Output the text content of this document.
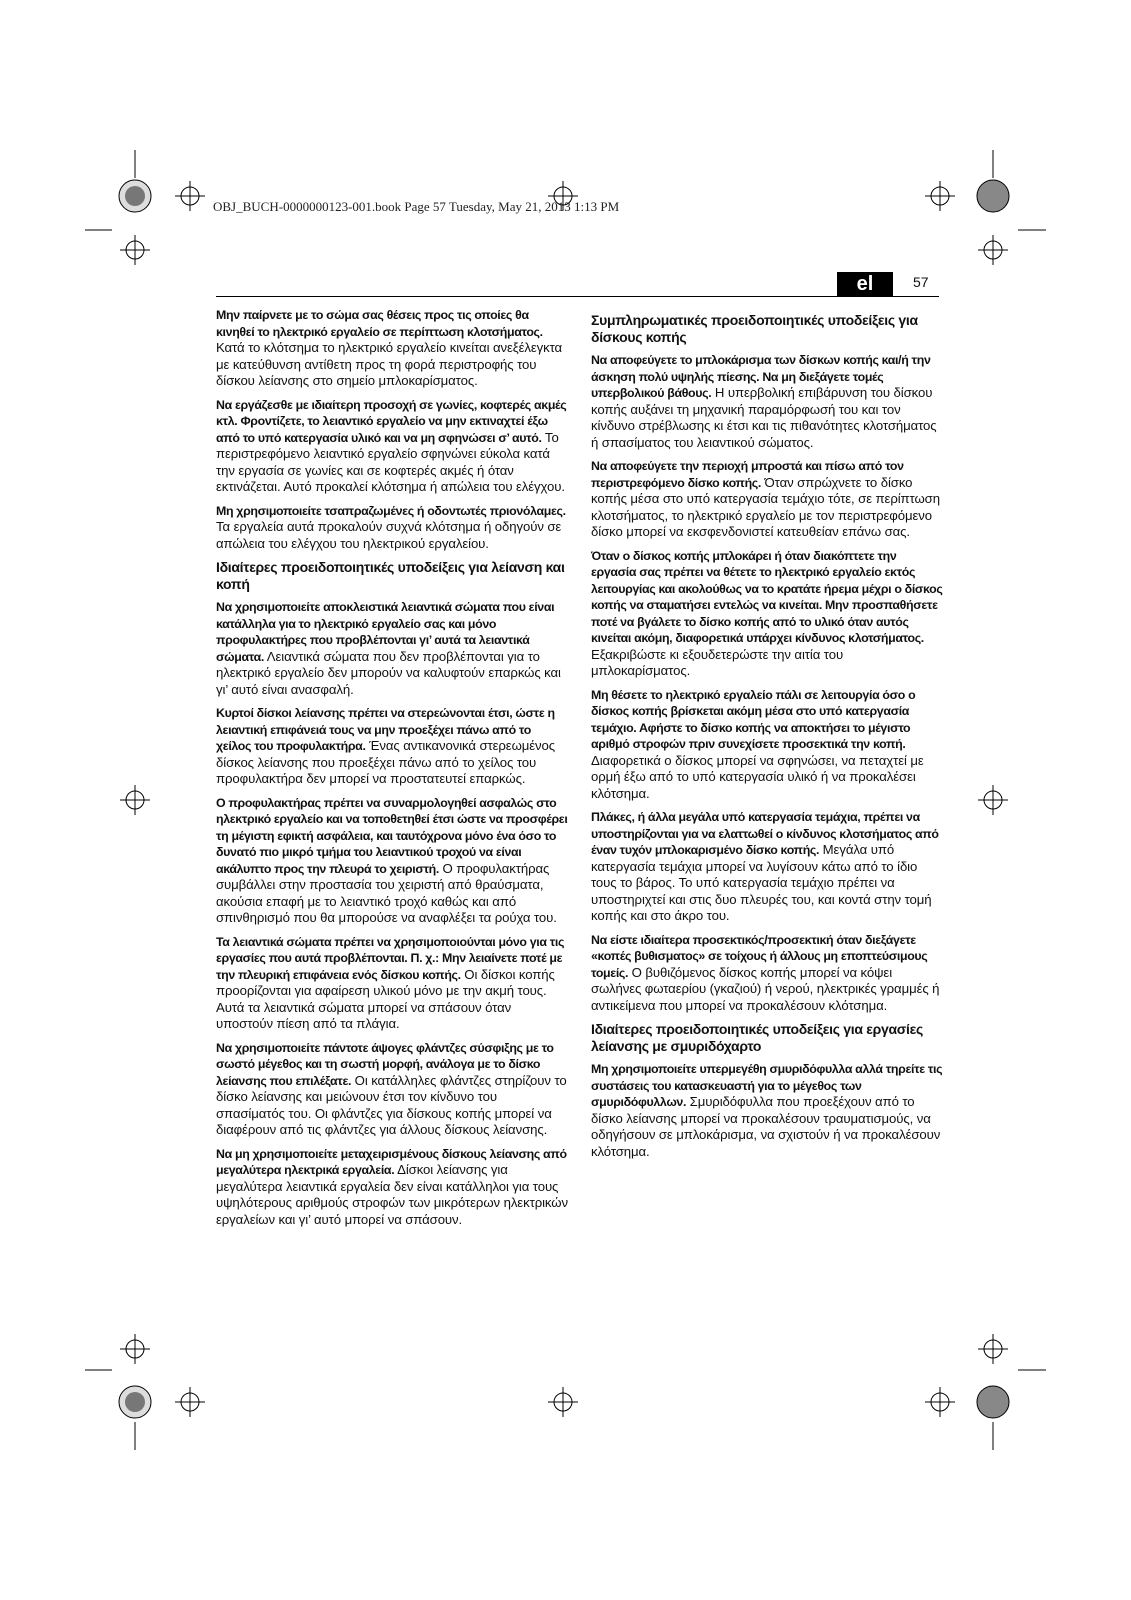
OBJ_BUCH-0000000123-001.book Page 57 Tuesday, May 21, 2013 1:13 PM
el	57

Μην παίρνετε με το σώμα σας θέσεις προς τις οποίες θα κινηθεί το ηλεκτρικό εργαλείο σε περίπτωση κλοτσήματος. Κατά το κλότσημα το ηλεκτρικό εργαλείο κινείται ανεξέλεγκτα με κατεύθυνση αντίθετη προς τη φορά περιστροφής του δίσκου λείανσης στο σημείο μπλοκαρίσματος.

Να εργάζεσθε με ιδιαίτερη προσοχή σε γωνίες, κοφτερές ακμές κτλ. Φροντίζετε, το λειαντικό εργαλείο να μην εκτιναχτεί έξω από το υπό κατεργασία υλικό και να μη σφηνώσει σ’ αυτό. Το περιστρεφόμενο λειαντικό εργαλείο σφηνώνει εύκολα κατά την εργασία σε γωνίες και σε κοφτερές ακμές ή όταν εκτινάζεται. Αυτό προκαλεί κλότσημα ή απώλεια του ελέγχου.

Μη χρησιμοποιείτε τσαπραζωμένες ή οδοντωτές πριονόλαμες. Τα εργαλεία αυτά προκαλούν συχνά κλότσημα ή οδηγούν σε απώλεια του ελέγχου του ηλεκτρικού εργαλείου.

Ιδιαίτερες προειδοποιητικές υποδείξεις για λείανση και κοπή

Να χρησιμοποιείτε αποκλειστικά λειαντικά σώματα που είναι κατάλληλα για το ηλεκτρικό εργαλείο σας και μόνο προφυλακτήρες που προβλέπονται γι’ αυτά τα λειαντικά σώματα. Λειαντικά σώματα που δεν προβλέπονται για το ηλεκτρικό εργαλείο δεν μπορούν να καλυφτούν επαρκώς και γι’ αυτό είναι ανασφαλή.

Κυρτοί δίσκοι λείανσης πρέπει να στερεώνονται έτσι, ώστε η λειαντική επιφάνειά τους να μην προεξέχει πάνω από το χείλος του προφυλακτήρα. Ένας αντικανονικά στερεωμένος δίσκος λείανσης που προεξέχει πάνω από το χείλος του προφυλακτήρα δεν μπορεί να προστατευτεί επαρκώς.

Ο προφυλακτήρας πρέπει να συναρμολογηθεί ασφαλώς στο ηλεκτρικό εργαλείο και να τοποθετηθεί έτσι ώστε να προσφέρει τη μέγιστη εφικτή ασφάλεια, και ταυτόχρονα μόνο ένα όσο το δυνατό πιο μικρό τμήμα του λειαντικού τροχού να είναι ακάλυπτο προς την πλευρά το χειριστή. Ο προφυλακτήρας συμβάλλει στην προστασία του χειριστή από θραύσματα, ακούσια επαφή με το λειαντικό τροχό καθώς και από σπινθηρισμό που θα μπορούσε να αναφλέξει τα ρούχα του.

Τα λειαντικά σώματα πρέπει να χρησιμοποιούνται μόνο για τις εργασίες που αυτά προβλέπονται. Π. χ.: Μην λειαίνετε ποτέ με την πλευρική επιφάνεια ενός δίσκου κοπής. Οι δίσκοι κοπής προορίζονται για αφαίρεση υλικού μόνο με την ακμή τους. Αυτά τα λειαντικά σώματα μπορεί να σπάσουν όταν υποστούν πίεση από τα πλάγια.

Να χρησιμοποιείτε πάντοτε άψογες φλάντζες σύσφιξης με το σωστό μέγεθος και τη σωστή μορφή, ανάλογα με το δίσκο λείανσης που επιλέξατε. Οι κατάλληλες φλάντζες στηρίζουν το δίσκο λείανσης και μειώνουν έτσι τον κίνδυνο του σπασίματός του. Οι φλάντζες για δίσκους κοπής μπορεί να διαφέρουν από τις φλάντζες για άλλους δίσκους λείανσης.

Να μη χρησιμοποιείτε μεταχειρισμένους δίσκους λείανσης από μεγαλύτερα ηλεκτρικά εργαλεία. Δίσκοι λείανσης για μεγαλύτερα λειαντικά εργαλεία δεν είναι κατάλληλοι για τους υψηλότερους αριθμούς στροφών των μικρότερων ηλεκτρικών εργαλείων και γι’ αυτό μπορεί να σπάσουν.

Συμπληρωματικές προειδοποιητικές υποδείξεις για δίσκους κοπής

Να αποφεύγετε το μπλοκάρισμα των δίσκων κοπής και/ή την άσκηση πολύ υψηλής πίεσης. Να μη διεξάγετε τομές υπερβολικού βάθους. Η υπερβολική επιβάρυνση του δίσκου κοπής αυξάνει τη μηχανική παραμόρφωσή του και τον κίνδυνο στρέβλωσης κι έτσι και τις πιθανότητες κλοτσήματος ή σπασίματος του λειαντικού σώματος.

Να αποφεύγετε την περιοχή μπροστά και πίσω από τον περιστρεφόμενο δίσκο κοπής. Όταν σπρώχνετε το δίσκο κοπής μέσα στο υπό κατεργασία τεμάχιο τότε, σε περίπτωση κλοτσήματος, το ηλεκτρικό εργαλείο με τον περιστρεφόμενο δίσκο μπορεί να εκσφενδονιστεί κατευθείαν επάνω σας.

Όταν ο δίσκος κοπής μπλοκάρει ή όταν διακόπτετε την εργασία σας πρέπει να θέτετε το ηλεκτρικό εργαλείο εκτός λειτουργίας και ακολούθως να το κρατάτε ήρεμα μέχρι ο δίσκος κοπής να σταματήσει εντελώς να κινείται. Μην προσπαθήσετε ποτέ να βγάλετε το δίσκο κοπής από το υλικό όταν αυτός κινείται ακόμη, διαφορετικά υπάρχει κίνδυνος κλοτσήματος. Εξακριβώστε κι εξουδετερώστε την αιτία του μπλοκαρίσματος.

Μη θέσετε το ηλεκτρικό εργαλείο πάλι σε λειτουργία όσο ο δίσκος κοπής βρίσκεται ακόμη μέσα στο υπό κατεργασία τεμάχιο. Αφήστε το δίσκο κοπής να αποκτήσει το μέγιστο αριθμό στροφών πριν συνεχίσετε προσεκτικά την κοπή. Διαφορετικά ο δίσκος μπορεί να σφηνώσει, να πεταχτεί με ορμή έξω από το υπό κατεργασία υλικό ή να προκαλέσει κλότσημα.

Πλάκες, ή άλλα μεγάλα υπό κατεργασία τεμάχια, πρέπει να υποστηρίζονται για να ελαττωθεί ο κίνδυνος κλοτσήματος από έναν τυχόν μπλοκαρισμένο δίσκο κοπής. Μεγάλα υπό κατεργασία τεμάχια μπορεί να λυγίσουν κάτω από το ίδιο τους το βάρος. Το υπό κατεργασία τεμάχιο πρέπει να υποστηριχτεί και στις δυο πλευρές του, και κοντά στην τομή κοπής και στο άκρο του.

Να είστε ιδιαίτερα προσεκτικός/προσεκτική όταν διεξάγετε «κοπές βυθισματος» σε τοίχους ή άλλους μη εποπτεύσιμους τομείς. Ο βυθιζόμενος δίσκος κοπής μπορεί να κόψει σωλήνες φωταερίου (γκαζιού) ή νερού, ηλεκτρικές γραμμές ή αντικείμενα που μπορεί να προκαλέσουν κλότσημα.

Ιδιαίτερες προειδοποιητικές υποδείξεις για εργασίες λείανσης με σμυριδόχαρτο

Μη χρησιμοποιείτε υπερμεγέθη σμυριδόφυλλα αλλά τηρείτε τις συστάσεις του κατασκευαστή για το μέγεθος των σμυριδόφυλλων. Σμυριδόφυλλα που προεξέχουν από το δίσκο λείανσης μπορεί να προκαλέσουν τραυματισμούς, να οδηγήσουν σε μπλοκάρισμα, να σχιστούν ή να προκαλέσουν κλότσημα.
